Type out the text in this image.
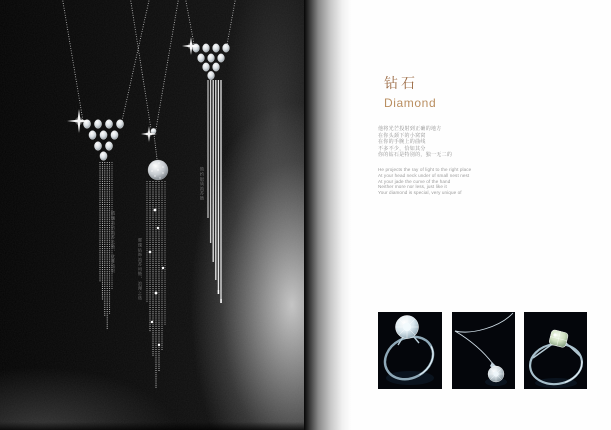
精镶美钻流苏长链，优雅纯银	璀璨钻饰流苏项链，浪漫之选
简约银质流苏链
钻石
Diamond
他将光芒投射到正确的地方
在你头颈下的小窝窝
在你的手腕上的曲线
不多不少，恰如其分
你的钻石是特别的，独一无二的
He projects the ray of light to the right place
At your head neck under of small nest nest
At your jade the curve of the hand
Neither more nor less, just like it
Your diamond is special, very unique of
